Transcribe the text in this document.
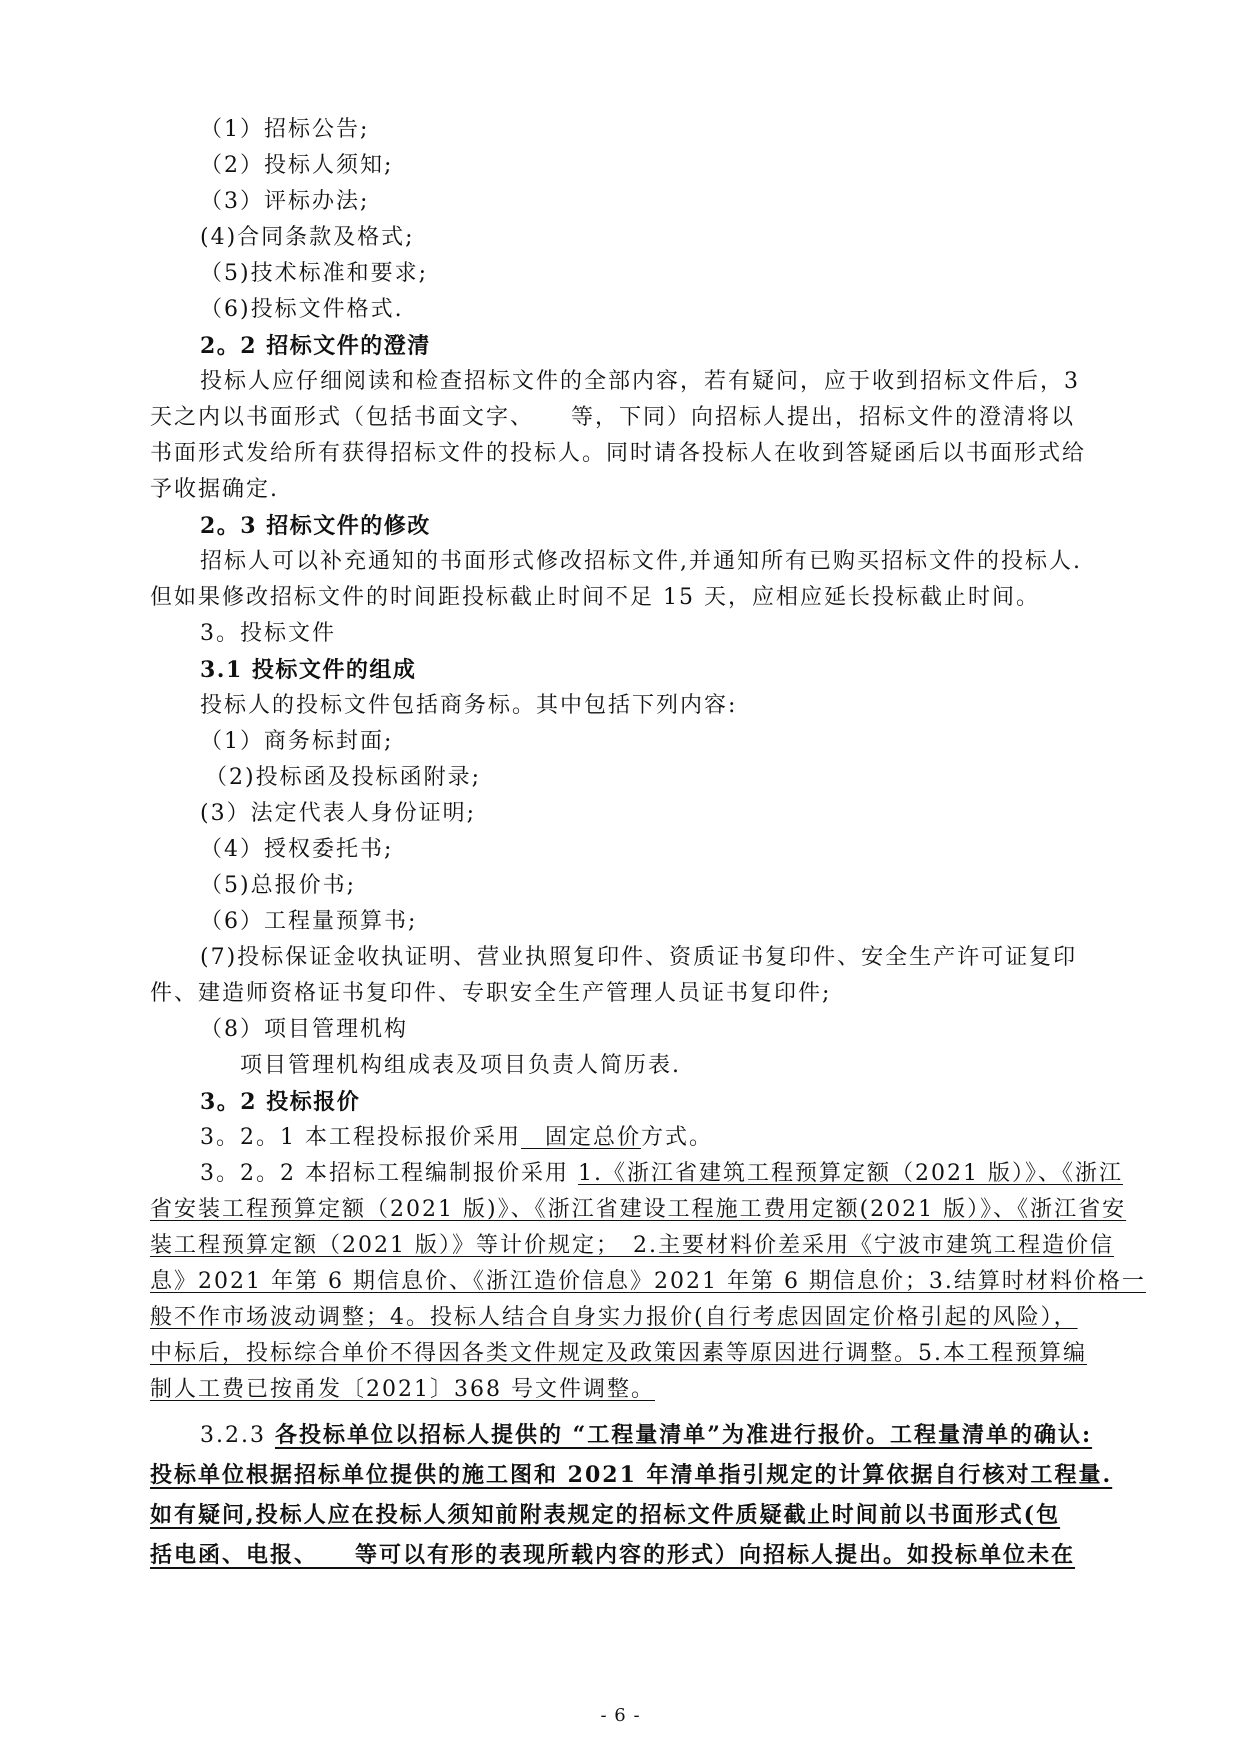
（1）招标公告;
（2）投标人须知;
（3）评标办法;
(4)合同条款及格式;
（5)技术标准和要求;
（6)投标文件格式.
2。2 招标文件的澄清
投标人应仔细阅读和检查招标文件的全部内容，若有疑问，应于收到招标文件后，3
天之内以书面形式（包括书面文字、　　等，下同）向招标人提出，招标文件的澄清将以
书面形式发给所有获得招标文件的投标人。同时请各投标人在收到答疑函后以书面形式给
予收据确定.
2。3 招标文件的修改
招标人可以补充通知的书面形式修改招标文件,并通知所有已购买招标文件的投标人.
但如果修改招标文件的时间距投标截止时间不足 15 天，应相应延长投标截止时间。
3。投标文件
3.1 投标文件的组成
投标人的投标文件包括商务标。其中包括下列内容:
（1）商务标封面;
（2)投标函及投标函附录;
(3）法定代表人身份证明;
（4）授权委托书;
（5)总报价书;
（6）工程量预算书;
(7)投标保证金收执证明、营业执照复印件、资质证书复印件、安全生产许可证复印
件、建造师资格证书复印件、专职安全生产管理人员证书复印件;
（8）项目管理机构
项目管理机构组成表及项目负责人简历表.
3。2 投标报价
3。2。1 本工程投标报价采用　固定总价方式。
3。2。2 本招标工程编制报价采用 1.《浙江省建筑工程预算定额（2021 版）》、《浙江
省安装工程预算定额（2021 版)》、《浙江省建设工程施工费用定额(2021 版）》、《浙江省安
装工程预算定额（2021 版）》等计价规定；　2.主要材料价差采用《宁波市建筑工程造价信
息》2021 年第 6 期信息价、《浙江造价信息》2021 年第 6 期信息价；3.结算时材料价格一
般不作市场波动调整；4。投标人结合自身实力报价(自行考虑因固定价格引起的风险），
中标后，投标综合单价不得因各类文件规定及政策因素等原因进行调整。5.本工程预算编
制人工费已按甬发〔2021〕368 号文件调整。
3.2.3 各投标单位以招标人提供的 “工程量清单”为准进行报价。工程量清单的确认:
投标单位根据招标单位提供的施工图和 2021 年清单指引规定的计算依据自行核对工程量.
如有疑问,投标人应在投标人须知前附表规定的招标文件质疑截止时间前以书面形式(包
括电函、电报、　　等可以有形的表现所载内容的形式）向招标人提出。如投标单位未在
- 6 -
